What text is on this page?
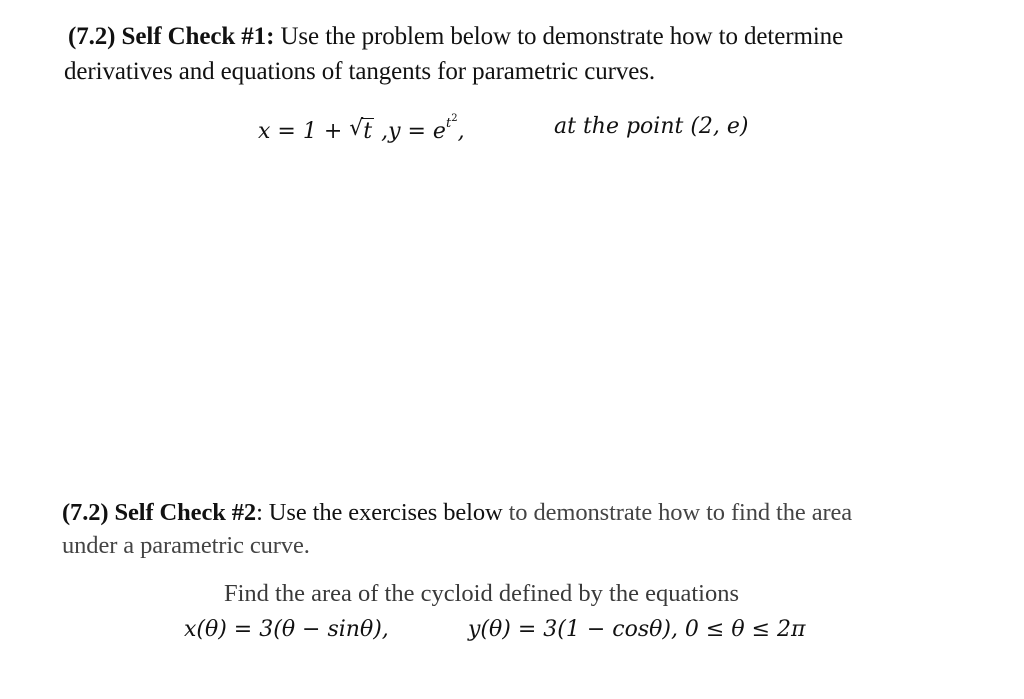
(7.2) Self Check #1: Use the problem below to demonstrate how to determine
derivatives and equations of tangents for parametric curves.
x = 1 + √ t $,y = e^{t^2}$,	at the point (2, e)
(7.2) Self Check #2: Use the exercises below to demonstrate how to find the area
under a parametric curve.
Find the area of the cycloid defined by the equations
x(θ) = 3(θ − sinθ),	y(θ) = 3(1 − cosθ), 0 ≤ θ ≤ 2π
